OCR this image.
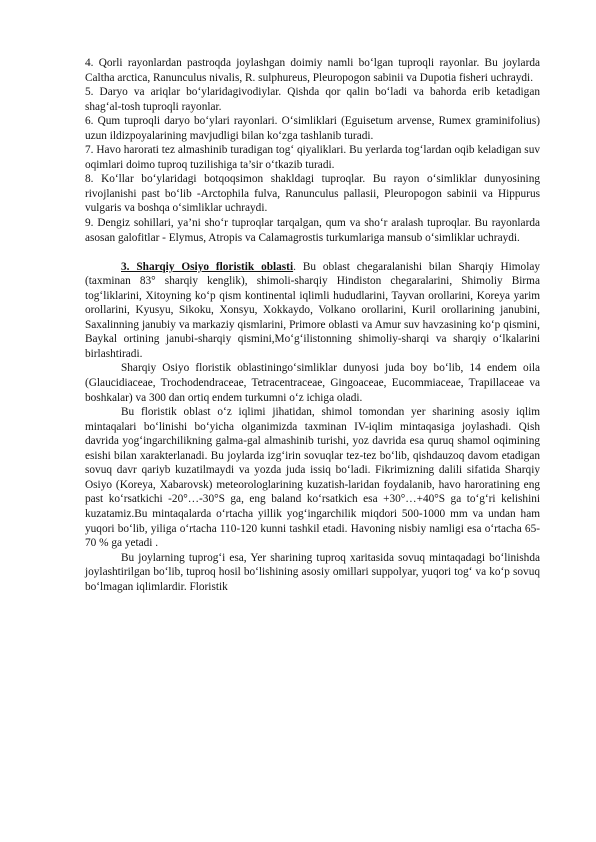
4. Qorli rayonlardan pastroqda joylashgan doimiy namli bo‘lgan tuproqli rayonlar. Bu joylarda Caltha arctica, Ranunculus nivalis, R. sulphureus, Pleuropogon sabinii va Dupotia fisheri uchraydi.

5. Daryo va ariqlar bo‘ylaridagivodiylar. Qishda qor qalin bo‘ladi va bahorda erib ketadigan shag‘al-tosh tuproqli rayonlar.

6. Qum tuproqli daryo bo‘ylari rayonlari. O‘simliklari (Eguisetum arvense, Rumex graminifolius) uzun ildizpoyalarining mavjudligi bilan ko‘zga tashlanib turadi.

7. Havo harorati tez almashinib turadigan tog‘ qiyaliklari. Bu yerlarda tog‘lardan oqib keladigan suv oqimlari doimo tuproq tuzilishiga ta’sir o‘tkazib turadi.

8. Ko‘llar bo‘ylaridagi botqoqsimon shakldagi tuproqlar. Bu rayon o‘simliklar dunyosining rivojlanishi past bo‘lib -Arctophila fulva, Ranunculus pallasii, Pleuropogon sabinii va Hippurus vulgaris va boshqa o‘simliklar uchraydi.

9. Dengiz sohillari, ya’ni sho‘r tuproqlar tarqalgan, qum va sho‘r aralash tuproqlar. Bu rayonlarda asosan galofitlar - Elymus, Atropis va Calamagrostis turkumlariga mansub o‘simliklar uchraydi.

3. Sharqiy Osiyo floristik oblasti. Bu oblast chegaralanishi bilan Sharqiy Himolay (taxminan 83° sharqiy kenglik), shimoli-sharqiy Hindiston chegaralarini, Shimoliy Birma tog‘liklarini, Xitoyning ko‘p qism kontinental iqlimli hududlarini, Tayvan orollarini, Koreya yarim orollarini, Kyusyu, Sikoku, Xonsyu, Xokkaydo, Volkano orollarini, Kuril orollarining janubini, Saxalinning janubiy va markaziy qismlarini, Primore oblasti va Amur suv havzasining ko‘p qismini, Baykal ortining janubi-sharqiy qismini,Mo‘g‘ilistonning shimoliy-sharqi va sharqiy o‘lkalarini birlashtiradi.

Sharqiy Osiyo floristik oblastiningo‘simliklar dunyosi juda boy bo‘lib, 14 endem oila (Glaucidiaceae, Trochodendraceae, Tetracentraceae, Gingoaceae, Eucommiaceae, Trapillaceae va boshkalar) va 300 dan ortiq endem turkumni o‘z ichiga oladi.

Bu floristik oblast o‘z iqlimi jihatidan, shimol tomondan yer sharining asosiy iqlim mintaqalari bo‘linishi bo‘yicha olganimizda taxminan IV-iqlim mintaqasiga joylashadi. Qish davrida yog‘ingarchilikning galma-gal almashinib turishi, yoz davrida esa quruq shamol oqimining esishi bilan xarakterlanadi. Bu joylarda izg‘irin sovuqlar tez-tez bo‘lib, qishdauzoq davom etadigan sovuq davr qariyb kuzatilmaydi va yozda juda issiq bo‘ladi. Fikrimizning dalili sifatida Sharqiy Osiyo (Koreya, Xabarovsk) meteorologlarining kuzatish-laridan foydalanib, havo haroratining eng past ko‘rsatkichi -20°…-30°S ga, eng baland ko‘rsatkich esa +30°…+40°S ga to‘g‘ri kelishini kuzatamiz.Bu mintaqalarda o‘rtacha yillik yog‘ingarchilik miqdori 500-1000 mm va undan ham yuqori bo‘lib, yiliga o‘rtacha 110-120 kunni tashkil etadi. Havoning nisbiy namligi esa o‘rtacha 65-70 % ga yetadi .

Bu joylarning tuprog‘i esa, Yer sharining tuproq xaritasida sovuq mintaqadagi bo‘linishda joylashtirilgan bo‘lib, tuproq hosil bo‘lishining asosiy omillari suppolyar, yuqori tog‘ va ko‘p sovuq bo‘lmagan iqlimlardir. Floristik
